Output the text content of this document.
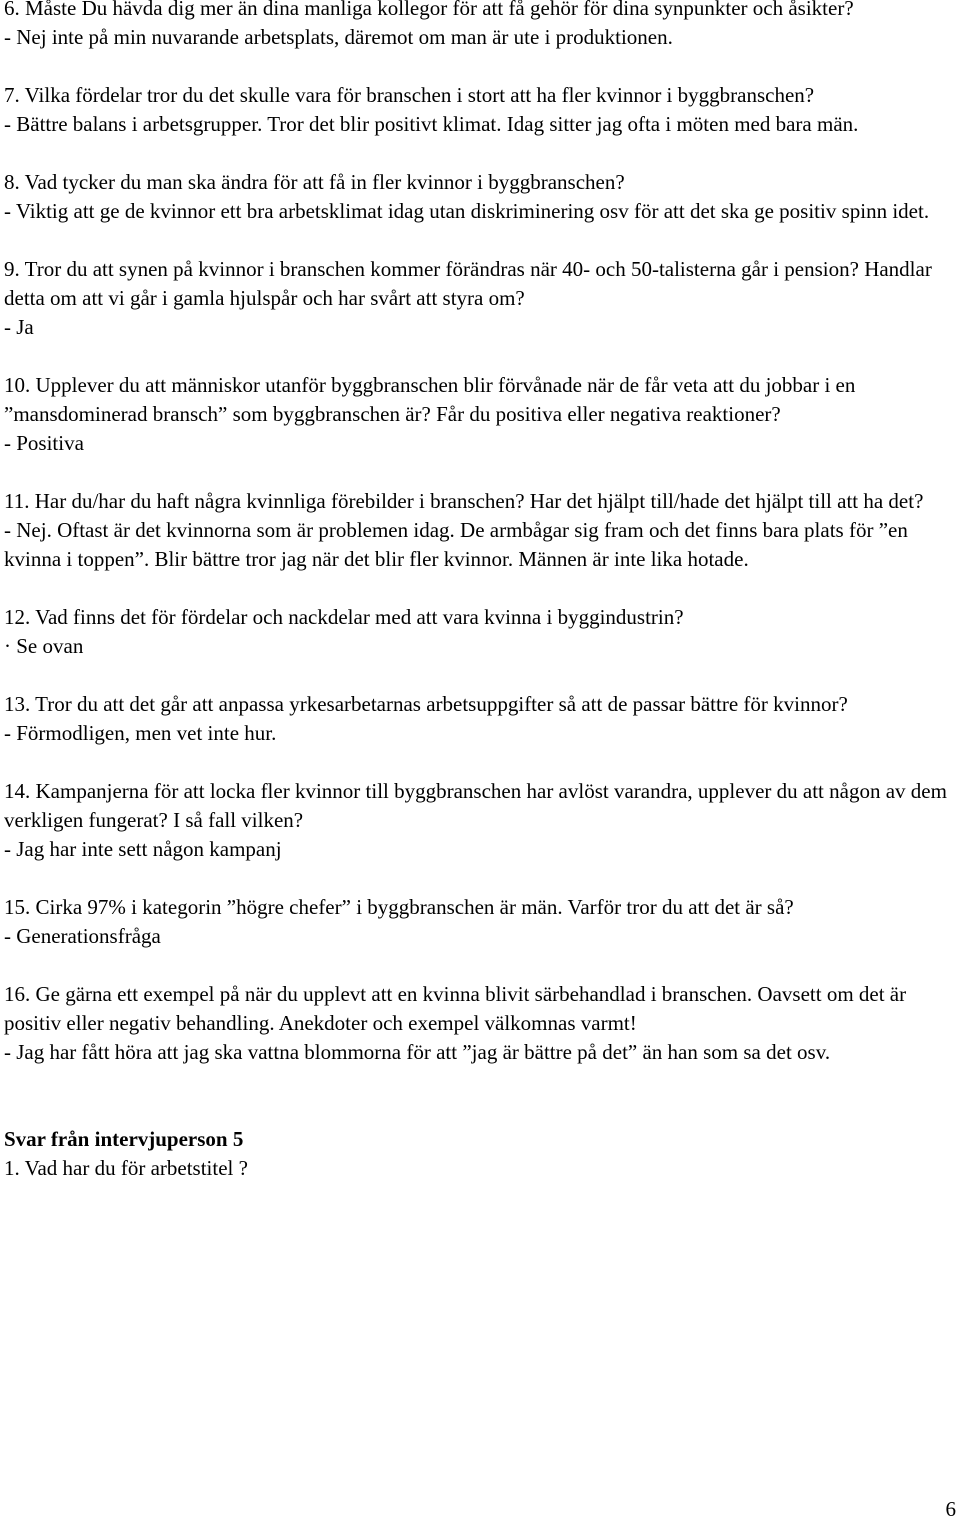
6. Måste Du hävda dig mer än dina manliga kollegor för att få gehör för dina synpunkter och åsikter?

- Nej inte på min nuvarande arbetsplats, däremot om man är ute i produktionen.

7. Vilka fördelar tror du det skulle vara för branschen i stort att ha fler kvinnor i byggbranschen?

- Bättre balans i arbetsgrupper. Tror det blir positivt klimat. Idag sitter jag ofta i möten med bara män.

8. Vad tycker du man ska ändra för att få in fler kvinnor i byggbranschen?

- Viktig att ge de kvinnor ett bra arbetsklimat idag utan diskriminering osv för att det ska ge positiv spinn idet.

9. Tror du att synen på kvinnor i branschen kommer förändras när 40- och 50-talisterna går i pension? Handlar detta om att vi går i gamla hjulspår och har svårt att styra om?

- Ja

10. Upplever du att människor utanför byggbranschen blir förvånade när de får veta att du jobbar i en ”mansdominerad bransch” som byggbranschen är? Får du positiva eller negativa reaktioner?

- Positiva

11. Har du/har du haft några kvinnliga förebilder i branschen? Har det hjälpt till/hade det hjälpt till att ha det?

- Nej. Oftast är det kvinnorna som är problemen idag. De armbågar sig fram och det finns bara plats för ”en kvinna i toppen”. Blir bättre tror jag när det blir fler kvinnor. Männen är inte lika hotade.

12. Vad finns det för fördelar och nackdelar med att vara kvinna i byggindustrin?

· Se ovan

13. Tror du att det går att anpassa yrkesarbetarnas arbetsuppgifter så att de passar bättre för kvinnor?

- Förmodligen, men vet inte hur.

14. Kampanjerna för att locka fler kvinnor till byggbranschen har avlöst varandra, upplever du att någon av dem verkligen fungerat? I så fall vilken?

- Jag har inte sett någon kampanj

15. Cirka 97% i kategorin ”högre chefer” i byggbranschen är män. Varför tror du att det är så?

- Generationsfråga

16. Ge gärna ett exempel på när du upplevt att en kvinna blivit särbehandlad i branschen. Oavsett om det är positiv eller negativ behandling. Anekdoter och exempel välkomnas varmt!

- Jag har fått höra att jag ska vattna blommorna för att ”jag är bättre på det” än han som sa det osv.

Svar från intervjuperson 5

1. Vad har du för arbetstitel ?

6
